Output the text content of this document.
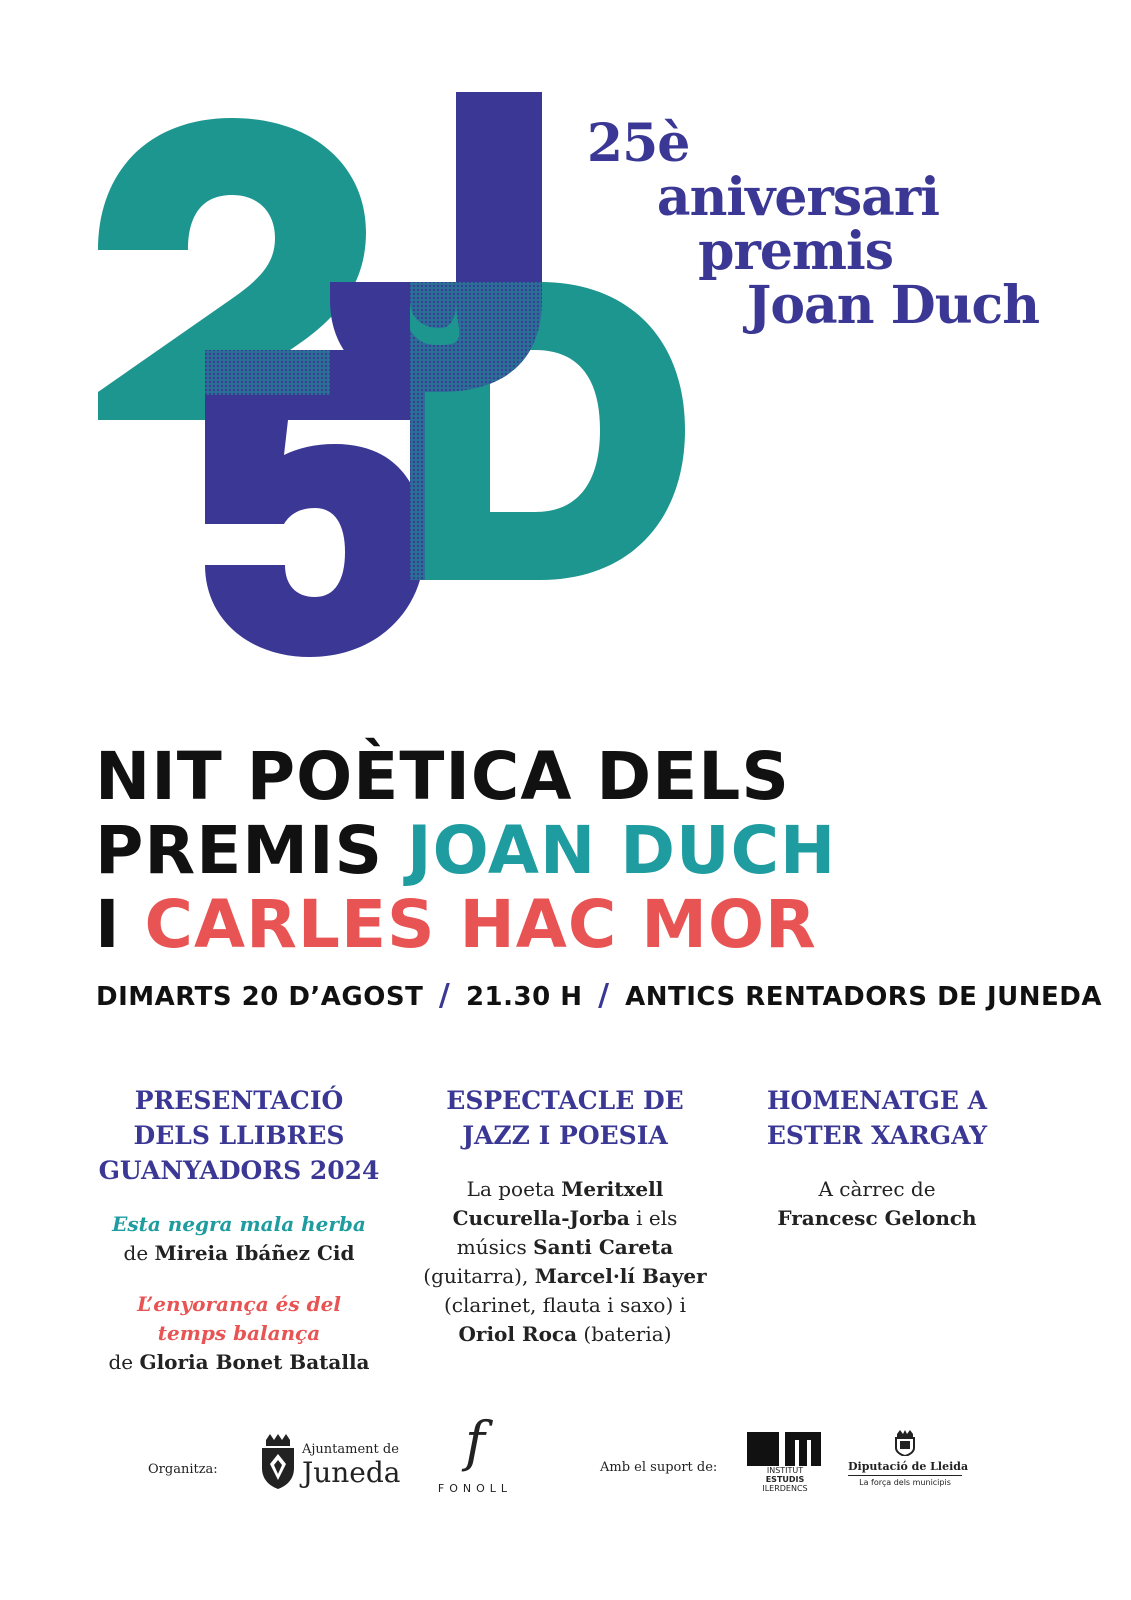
25è
aniversari
premis
Joan Duch
NIT POÈTICA DELS
PREMIS JOAN DUCH
I CARLES HAC MOR
DIMARTS 20 D’AGOST / 21.30 H / ANTICS RENTADORS DE JUNEDA
PRESENTACIÓ
DELS LLIBRES
GUANYADORS 2024

Esta negra mala herba

de Mireia Ibáñez Cid

L’enyorança és del

temps balança

de Gloria Bonet Batalla

ESPECTACLE DE
JAZZ I POESIA

La poeta Meritxell

Cucurella-Jorba i els

músics Santi Careta

(guitarra), Marcel·lí Bayer

(clarinet, flauta i saxo) i

Oriol Roca (bateria)

HOMENATGE A
ESTER XARGAY

A càrrec de

Francesc Gelonch

Organitza:
Ajuntament de
Juneda	f
FONOLL
Amb el suport de:	INSTITUT
ESTUDIS
ILERDENCS
Diputació de Lleida
La força dels municipis
